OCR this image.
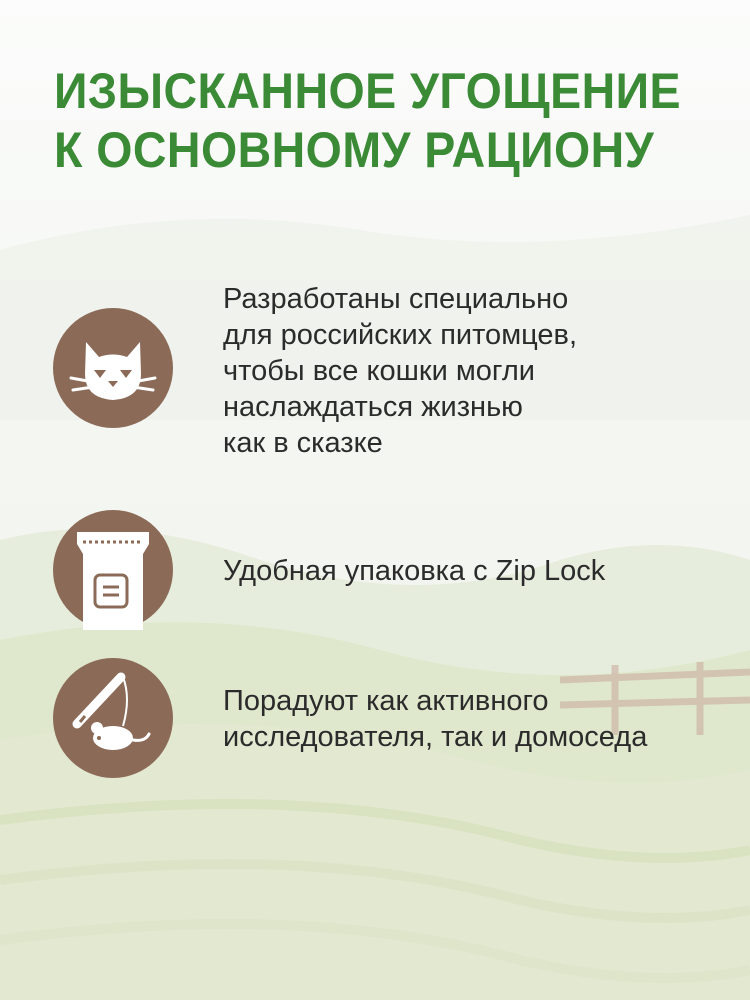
ИЗЫСКАННОЕ УГОЩЕНИЕ
К ОСНОВНОМУ РАЦИОНУ
Разработаны специально
для российских питомцев,
чтобы все кошки могли
наслаждаться жизнью
как в сказке
Удобная упаковка с Zip Lock
Порадуют как активного
исследователя, так и домоседа
